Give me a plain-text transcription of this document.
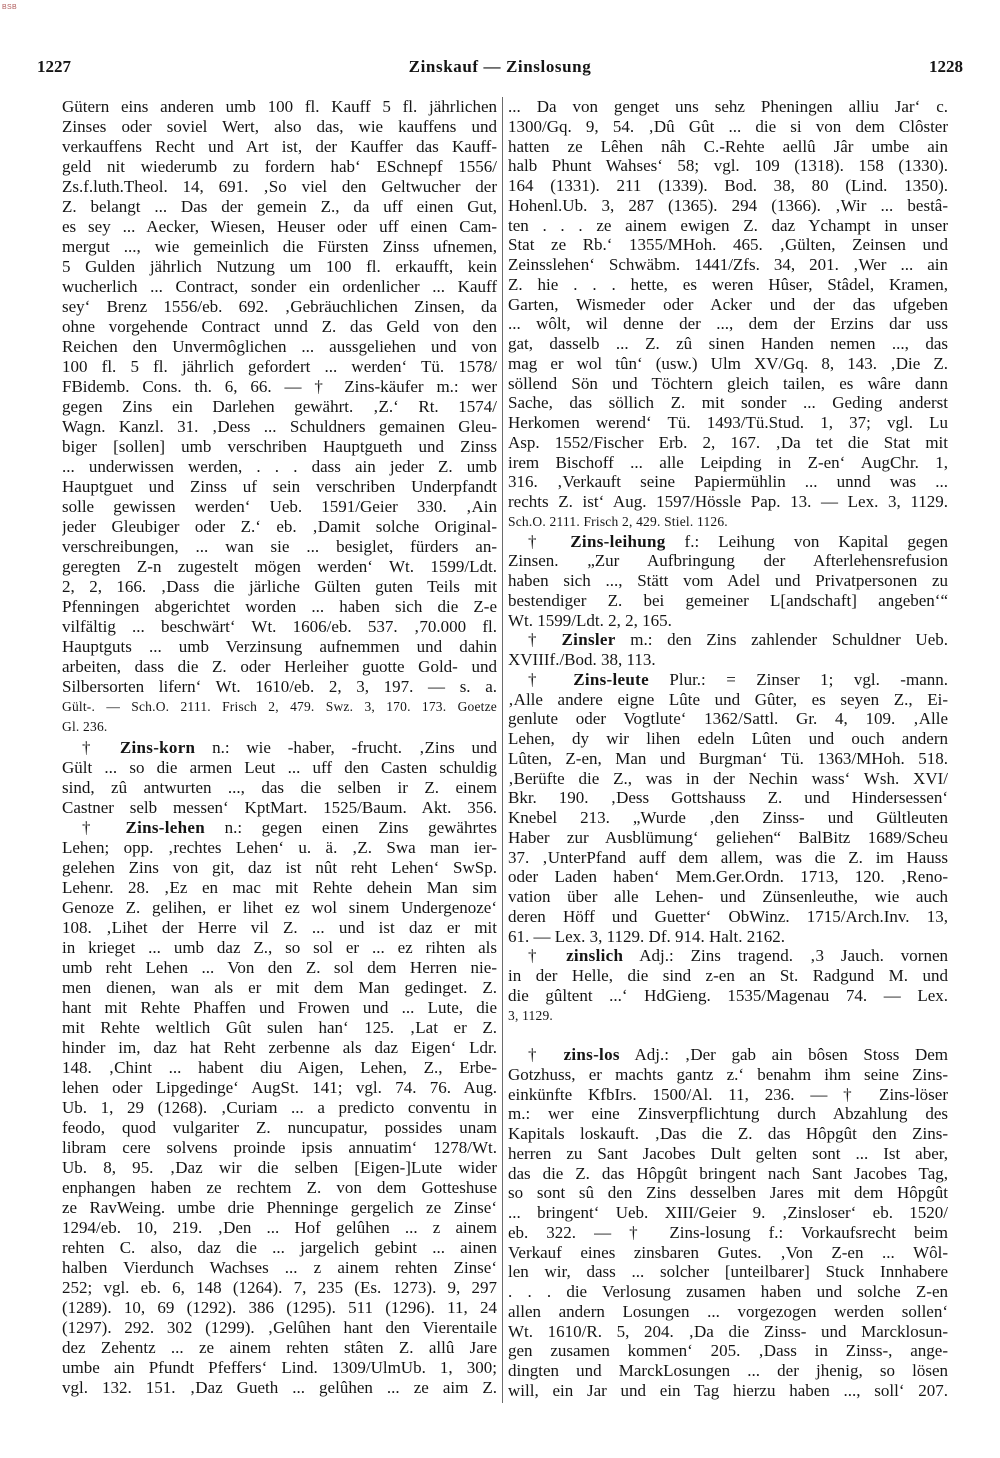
BSB
1227	Zinskauf — Zinslosung	1228
Gütern eins anderen umb 100 fl. Kauff 5 fl. jährlichen
Zinses oder soviel Wert, also das, wie kauffens und
verkauffens Recht und Art ist, der Kauffer das Kauff-
geld nit wiederumb zu fordern hab‘ ESchnepf 1556/
Zs.f.luth.Theol. 14, 691. ‚So viel den Geltwucher der
Z. belangt ... Das der gemein Z., da uff einen Gut,
es sey ... Aecker, Wiesen, Heuser oder uff einen Cam-
mergut ..., wie gemeinlich die Fürsten Zinss ufnemen,
5 Gulden jährlich Nutzung um 100 fl. erkaufft, kein
wucherlich ... Contract, sonder ein ordenlicher ... Kauff
sey‘ Brenz 1556/eb. 692. ‚Gebräuchlichen Zinsen, da
ohne vorgehende Contract unnd Z. das Geld von den
Reichen den Unvermôglichen ... aussgeliehen und von
100 fl. 5 fl. jährlich gefordert ... werden‘ Tü. 1578/
FBidemb. Cons. th. 6, 66. — † Zins-käufer m.: wer
gegen Zins ein Darlehen gewährt. ‚Z.‘ Rt. 1574/
Wagn. Kanzl. 31. ‚Dess ... Schuldners gemainen Gleu-
biger [sollen] umb verschriben Hauptgueth und Zinss
... underwissen werden, . . . dass ain jeder Z. umb
Hauptguet und Zinss uf sein verschriben Underpfandt
solle gewissen werden‘ Ueb. 1591/Geier 330. ‚Ain
jeder Gleubiger oder Z.‘ eb. ‚Damit solche Original-
verschreibungen, ... wan sie ... besiglet, fürders an-
geregten Z-n zugestelt mögen werden‘ Wt. 1599/Ldt.
2, 2, 166. ‚Dass die järliche Gülten guten Teils mit
Pfenningen abgerichtet worden ... haben sich die Z-e
vilfältig ... beschwärt‘ Wt. 1606/eb. 537. ‚70.000 fl.
Hauptguts ... umb Verzinsung aufnemmen und dahin
arbeiten, dass die Z. oder Herleiher guotte Gold- und
Silbersorten lifern‘ Wt. 1610/eb. 2, 3, 197. — s. a.
Gült-. — Sch.O. 2111. Frisch 2, 479. Swz. 3, 170. 173. Goetze
Gl. 236.
† Zins-korn n.: wie -haber, -frucht. ‚Zins und
Gült ... so die armen Leut ... uff den Casten schuldig
sind, zû antwurten ..., das die selben ir Z. einem
Castner selb messen‘ KptMart. 1525/Baum. Akt. 356.
† Zins-lehen n.: gegen einen Zins gewährtes
Lehen; opp. ‚rechtes Lehen‘ u. ä. ‚Z. Swa man ier-
gelehen Zins von git, daz ist nût reht Lehen‘ SwSp.
Lehenr. 28. ‚Ez en mac mit Rehte dehein Man sim
Genoze Z. gelihen, er lihet ez wol sinem Undergenoze‘
108. ‚Lihet der Herre vil Z. ... und ist daz er mit
in krieget ... umb daz Z., so sol er ... ez rihten als
umb reht Lehen ... Von den Z. sol dem Herren nie-
men dienen, wan als er mit dem Man gedinget. Z.
hant mit Rehte Phaffen und Frowen und ... Lute, die
mit Rehte weltlich Gût sulen han‘ 125. ‚Lat er Z.
hinder im, daz hat Reht zerbenne als daz Eigen‘ Ldr.
148. ‚Chint ... habent diu Aigen, Lehen, Z., Erbe-
lehen oder Lipgedinge‘ AugSt. 141; vgl. 74. 76. Aug.
Ub. 1, 29 (1268). ‚Curiam ... a predicto conventu in
feodo, quod vulgariter Z. nuncupatur, possides unam
libram cere solvens proinde ipsis annuatim‘ 1278/Wt.
Ub. 8, 95. ‚Daz wir die selben [Eigen-]Lute wider
enphangen haben ze rechtem Z. von dem Gotteshuse
ze RavWeing. umbe drie Phenninge gergelich ze Zinse‘
1294/eb. 10, 219. ‚Den ... Hof gelûhen ... z ainem
rehten C. also, daz die ... jargelich gebint ... ainen
halben Vierdunch Wachses ... z ainem rehten Zinse‘
252; vgl. eb. 6, 148 (1264). 7, 235 (Es. 1273). 9, 297
(1289). 10, 69 (1292). 386 (1295). 511 (1296). 11, 24
(1297). 292. 302 (1299). ‚Gelûhen hant den Vierentaile
dez Zehentz ... ze ainem rehten stâten Z. allû Jare
umbe ain Pfundt Pfeffers‘ Lind. 1309/UlmUb. 1, 300;
vgl. 132. 151. ‚Daz Gueth ... gelûhen ... ze aim Z.
... Da von genget uns sehz Pheningen alliu Jar‘ c.
1300/Gq. 9, 54. ‚Dû Gût ... die si von dem Clôster
hatten ze Lêhen nâh C.-Rehte aellû Jâr umbe ain
halb Phunt Wahses‘ 58; vgl. 109 (1318). 158 (1330).
164 (1331). 211 (1339). Bod. 38, 80 (Lind. 1350).
Hohenl.Ub. 3, 287 (1365). 294 (1366). ‚Wir ... bestâ-
ten . . . ze ainem ewigen Z. daz Ychampt in unser
Stat ze Rb.‘ 1355/MHoh. 465. ‚Gülten, Zeinsen und
Zeinsslehen‘ Schwäbm. 1441/Zfs. 34, 201. ‚Wer ... ain
Z. hie . . . hette, es weren Hûser, Stâdel, Kramen,
Garten, Wismeder oder Acker und der das ufgeben
... wôlt, wil denne der ..., dem der Erzins dar uss
gat, dasselb ... Z. zû sinen Handen nemen ..., das
mag er wol tûn‘ (usw.) Ulm XV/Gq. 8, 143. ‚Die Z.
söllend Sön und Töchtern gleich tailen, es wâre dann
Sache, das söllich Z. mit sonder ... Geding anderst
Herkomen werend‘ Tü. 1493/Tü.Stud. 1, 37; vgl. Lu
Asp. 1552/Fischer Erb. 2, 167. ‚Da tet die Stat mit
irem Bischoff ... alle Leipding in Z-en‘ AugChr. 1,
316. ‚Verkauft seine Papiermühlin ... unnd was ...
rechts Z. ist‘ Aug. 1597/Hössle Pap. 13. — Lex. 3, 1129.
Sch.O. 2111. Frisch 2, 429. Stiel. 1126.
† Zins-leihung f.: Leihung von Kapital gegen
Zinsen. „Zur Aufbringung der Afterlehensrefusion
haben sich ..., Stätt vom Adel und Privatpersonen zu
bestendiger Z. bei gemeiner L[andschaft] angeben‘“
Wt. 1599/Ldt. 2, 2, 165.
† Zinsler m.: den Zins zahlender Schuldner Ueb.
XVIIIf./Bod. 38, 113.
† Zins-leute Plur.: = Zinser 1; vgl. -mann.
‚Alle andere eigne Lûte und Gûter, es seyen Z., Ei-
genlute oder Vogtlute‘ 1362/Sattl. Gr. 4, 109. ‚Alle
Lehen, dy wir lihen edeln Lûten und ouch andern
Lûten, Z-en, Man und Burgman‘ Tü. 1363/MHoh. 518.
‚Berüfte die Z., was in der Nechin wass‘ Wsh. XVI/
Bkr. 190. ‚Dess Gottshauss Z. und Hindersessen‘
Knebel 213. „Wurde ‚den Zinss- und Gültleuten
Haber zur Ausblümung‘ geliehen“ BalBitz 1689/Scheu
37. ‚UnterPfand auff dem allem, was die Z. im Hauss
oder Laden haben‘ Mem.Ger.Ordn. 1713, 120. ‚Reno-
vation über alle Lehen- und Zünsenleuthe, wie auch
deren Höff und Guetter‘ ObWinz. 1715/Arch.Inv. 13,
61. — Lex. 3, 1129. Df. 914. Halt. 2162.
† zinslich Adj.: Zins tragend. ‚3 Jauch. vornen
in der Helle, die sind z-en an St. Radgund M. und
die gûltent ...‘ HdGieng. 1535/Magenau 74. — Lex.
3, 1129.
† zins-los Adj.: ‚Der gab ain bôsen Stoss Dem
Gotzhuss, er machts gantz z.‘ benahm ihm seine Zins-
einkünfte KfbIrs. 1500/Al. 11, 236. — † Zins-löser
m.: wer eine Zinsverpflichtung durch Abzahlung des
Kapitals loskauft. ‚Das die Z. das Hôpgût den Zins-
herren zu Sant Jacobes Dult gelten sont ... Ist aber,
das die Z. das Hôpgût bringent nach Sant Jacobes Tag,
so sont sû den Zins desselben Jares mit dem Hôpgût
... bringent‘ Ueb. XIII/Geier 9. ‚Zinsloser‘ eb. 1520/
eb. 322. — † Zins-losung f.: Vorkaufsrecht beim
Verkauf eines zinsbaren Gutes. ‚Von Z-en ... Wôl-
len wir, dass ... solcher [unteilbarer] Stuck Innhabere
. . . die Verlosung zusamen haben und solche Z-en
allen andern Losungen ... vorgezogen werden sollen‘
Wt. 1610/R. 5, 204. ‚Da die Zinss- und Marcklosun-
gen zusamen kommen‘ 205. ‚Dass in Zinss-, ange-
dingten und MarckLosungen ... der jhenig, so lösen
will, ein Jar und ein Tag hierzu haben ..., soll‘ 207.
